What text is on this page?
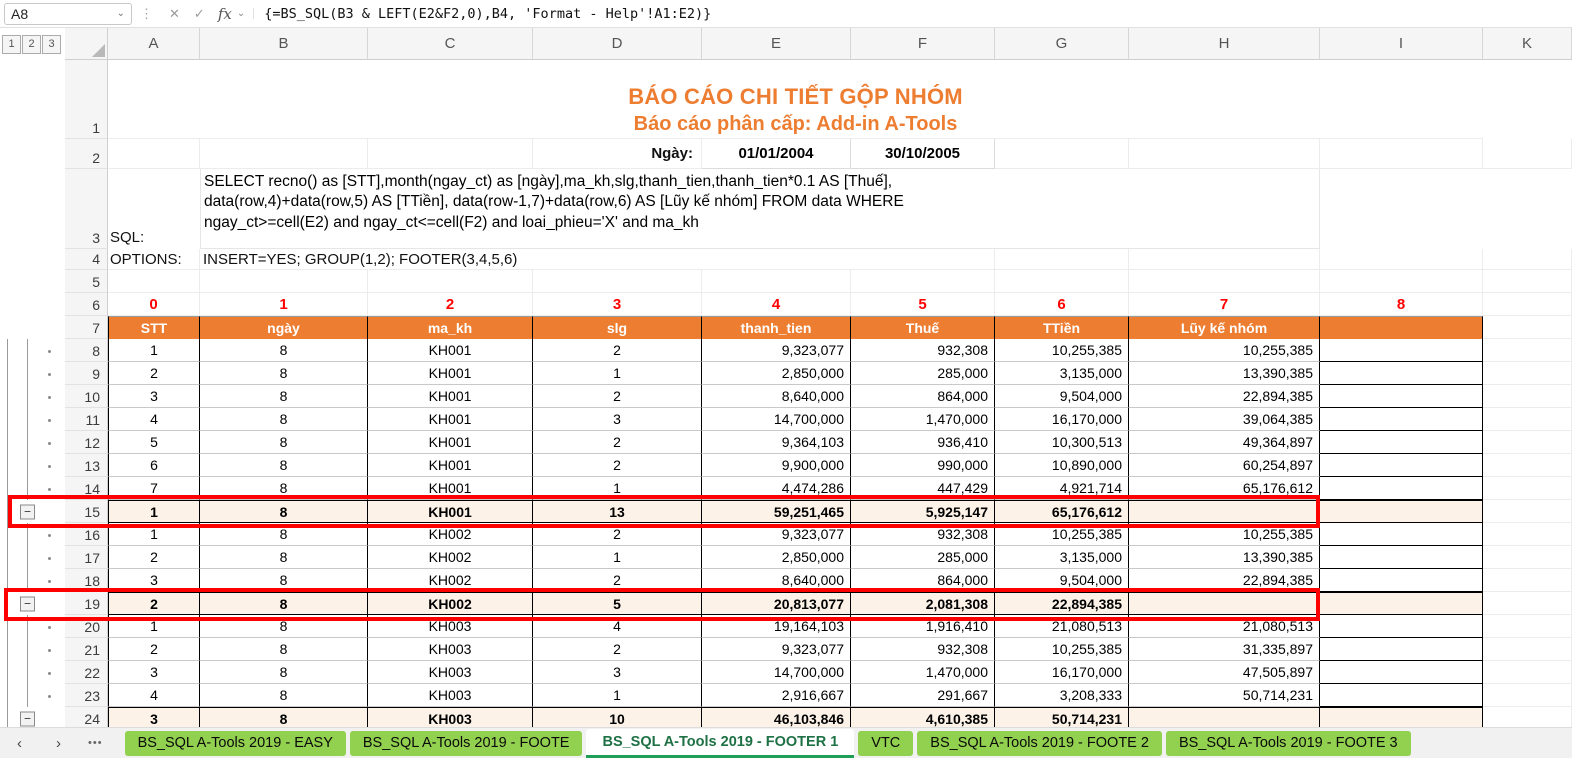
A8	⌄	⋮	✕	✓ fx ⌄	{=BS_SQL(B3 & LEFT(E2&F2,0),B4, 'Format - Help'!A1:E2)}
1	2	3	A	B	C	D	E	F	G	H	I	K
1
BÁO CÁO CHI TIẾT GỘP NHÓM
Báo cáo phân cấp: Add-in A-Tools
2	Ngày:	01/01/2004	30/10/2005
3 SQL:
SELECT recno() as [STT],month(ngay_ct) as [ngày],ma_kh,slg,thanh_tien,thanh_tien*0.1 AS [Thuế], data(row,4)+data(row,5) AS [TTiền], data(row-1,7)+data(row,6) AS [Lũy kế nhóm] FROM data WHERE ngay_ct>=cell(E2) and ngay_ct<=cell(F2) and loai_phieu='X' and ma_kh
4 OPTIONS:	INSERT=YES; GROUP(1,2); FOOTER(3,4,5,6)
5
6	0	1	2	3	4	5	6	7	8
7	STT	ngày	ma_kh	slg	thanh_tien	Thuế	TTiền	Lũy kế nhóm
8	1	8	KH001	2	9,323,077	932,308	10,255,385	10,255,385
9	2	8	KH001	1	2,850,000	285,000	3,135,000	13,390,385
10	3	8	KH001	2	8,640,000	864,000	9,504,000	22,894,385
11	4	8	KH001	3	14,700,000	1,470,000	16,170,000	39,064,385
12	5	8	KH001	2	9,364,103	936,410	10,300,513	49,364,897
13	6	8	KH001	2	9,900,000	990,000	10,890,000	60,254,897
14	7	8	KH001	1	4,474,286	447,429	4,921,714	65,176,612
−	15	1	8	KH001	13	59,251,465	5,925,147	65,176,612
16	1	8	KH002	2	9,323,077	932,308	10,255,385	10,255,385
17	2	8	KH002	1	2,850,000	285,000	3,135,000	13,390,385
18	3	8	KH002	2	8,640,000	864,000	9,504,000	22,894,385
−	19	2	8	KH002	5	20,813,077	2,081,308	22,894,385
20	1	8	KH003	4	19,164,103	1,916,410	21,080,513	21,080,513
21	2	8	KH003	2	9,323,077	932,308	10,255,385	31,335,897
22	3	8	KH003	3	14,700,000	1,470,000	16,170,000	47,505,897
23	4	8	KH003	1	2,916,667	291,667	3,208,333	50,714,231
−	24	3	8	KH003	10	46,103,846	4,610,385	50,714,231
‹	›	•••	BS_SQL A-Tools 2019 - EASY	BS_SQL A-Tools 2019 - FOOTE	BS_SQL A-Tools 2019 - FOOTER 1	VTC	BS_SQL A-Tools 2019 - FOOTE 2	BS_SQL A-Tools 2019 - FOOTE 3
